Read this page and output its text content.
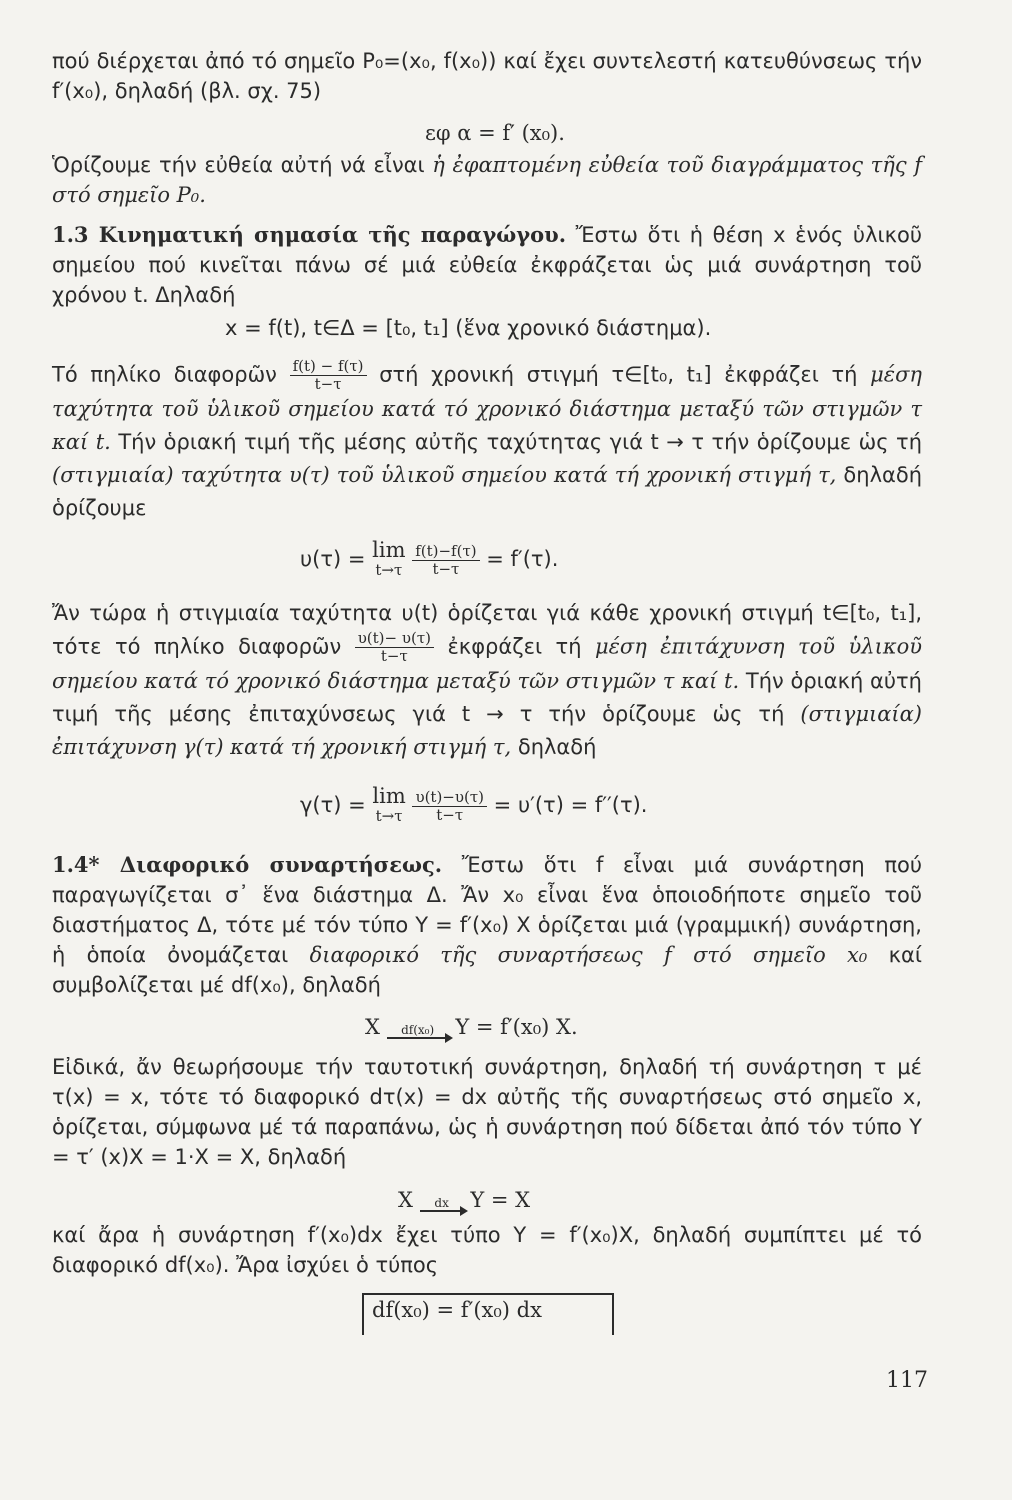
πού διέρχεται ἀπό τό σημεῖο P₀=(x₀, f(x₀)) καί ἔχει συντελεστή κατευθύνσεως τήν f′(x₀), δηλαδή (βλ. σχ. 75)

εφ α = f′ (x₀).

Ὁρίζουμε τήν εὐθεία αὐτή νά εἶναι ἡ ἐφαπτομένη εὐθεία τοῦ διαγράμματος τῆς f στό σημεῖο P₀.

1.3 Κινηματική σημασία τῆς παραγώγου. Ἔστω ὅτι ἡ θέση x ἑνός ὑλικοῦ σημείου πού κινεῖται πάνω σέ μιά εὐθεία ἐκφράζεται ὡς μιά συνάρτηση τοῦ χρόνου t. Δηλαδή

x = f(t), t∈Δ = [t₀, t₁] (ἕνα χρονικό διάστημα).

Τό πηλίκο διαφορῶν $\frac{f(t) - f(\tau)}{t-\tau}$ στή χρονική στιγμή τ∈[t₀, t₁] ἐκφράζει τή μέση ταχύτητα τοῦ ὑλικοῦ σημείου κατά τό χρονικό διάστημα μεταξύ τῶν στιγμῶν τ καί t. Τήν ὁριακή τιμή τῆς μέσης αὐτῆς ταχύτητας γιά t → τ τήν ὁρίζουμε ὡς τή (στιγμιαία) ταχύτητα υ(τ) τοῦ ὑλικοῦ σημείου κατά τή χρονική στιγμή τ, δηλαδή ὁρίζουμε

υ(τ) = lim
t→τ
$\frac{f(t)-f(\tau)}{t-\tau} = f'(\tau)$.

Ἄν τώρα ἡ στιγμιαία ταχύτητα υ(t) ὁρίζεται γιά κάθε χρονική στιγμή t∈[t₀, t₁], τότε τό πηλίκο διαφορῶν $\frac{\upsilon(t)- \upsilon(\tau)}{t-\tau}$ ἐκφράζει τή μέση ἐπιτάχυνση τοῦ ὑλικοῦ σημείου κατά τό χρονικό διάστημα μεταξύ τῶν στιγμῶν τ καί t. Τήν ὁριακή αὐτή τιμή τῆς μέσης ἐπιταχύνσεως γιά t → τ τήν ὁρίζουμε ὡς τή (στιγμιαία) ἐπιτάχυνση γ(τ) κατά τή χρονική στιγμή τ, δηλαδή

γ(τ) = lim
t→τ
$\frac{\upsilon(t)-\upsilon(\tau)}{t-\tau} = \upsilon'(\tau) = f''(\tau)$.

1.4* Διαφορικό συναρτήσεως. Ἔστω ὅτι f εἶναι μιά συνάρτηση πού παραγωγίζεται σ᾽ ἕνα διάστημα Δ. Ἄν x₀ εἶναι ἕνα ὁποιοδήποτε σημεῖο τοῦ διαστήματος Δ, τότε μέ τόν τύπο Y = f′(x₀) X ὁρίζεται μιά (γραμμική) συνάρτηση, ἡ ὁποία ὀνομάζεται διαφορικό τῆς συναρτήσεως f στό σημεῖο x₀ καί συμβολίζεται μέ df(x₀), δηλαδή

X	df(x₀)	Y = f′(x₀) X.

Εἰδικά, ἄν θεωρήσουμε τήν ταυτοτική συνάρτηση, δηλαδή τή συνάρτηση τ μέ τ(x) = x, τότε τό διαφορικό dτ(x) = dx αὐτῆς τῆς συναρτήσεως στό σημεῖο x, ὁρίζεται, σύμφωνα μέ τά παραπάνω, ὡς ἡ συνάρτηση πού δίδεται ἀπό τόν τύπο Y = τ′ (x)X = 1·X = X, δηλαδή

X	dx	Y = X

καί ἄρα ἡ συνάρτηση f′(x₀)dx ἔχει τύπο Y = f′(x₀)X, δηλαδή συμπίπτει μέ τό διαφορικό df(x₀). Ἄρα ἰσχύει ὁ τύπος

df(x₀) = f′(x₀) dx
117
